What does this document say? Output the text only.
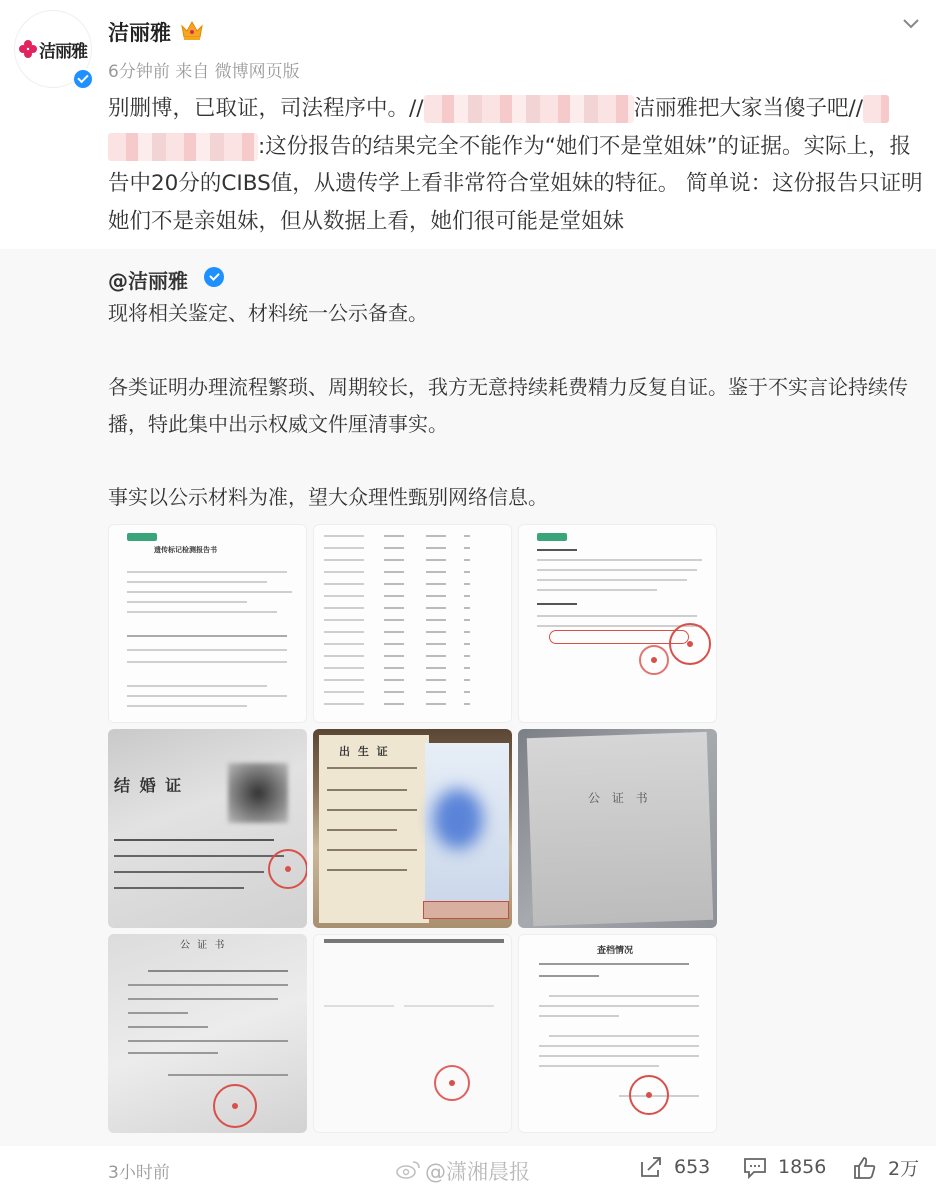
洁丽雅
洁丽雅
6分钟前 来自 微博网页版
别删博，已取证，司法程序中。//	洁丽雅把大家当傻子吧//
:这份报告的结果完全不能作为“她们不是堂姐妹”的证据。实际上，报告中20分的CIBS值，从遗传学上看非常符合堂姐妹的特征。 简单说：这份报告只证明她们不是亲姐妹，但从数据上看，她们很可能是堂姐妹
@洁丽雅
现将相关鉴定、材料统一公示备查。
各类证明办理流程繁琐、周期较长，我方无意持续耗费精力反复自证。鉴于不实言论持续传播，特此集中出示权威文件厘清事实。
事实以公示材料为准，望大众理性甄别网络信息。
遗传标记检测报告书
结 婚 证
出 生 证
公 证 书
公 证 书	查档情况
3小时前	@潇湘晨报	653	1856	2万
